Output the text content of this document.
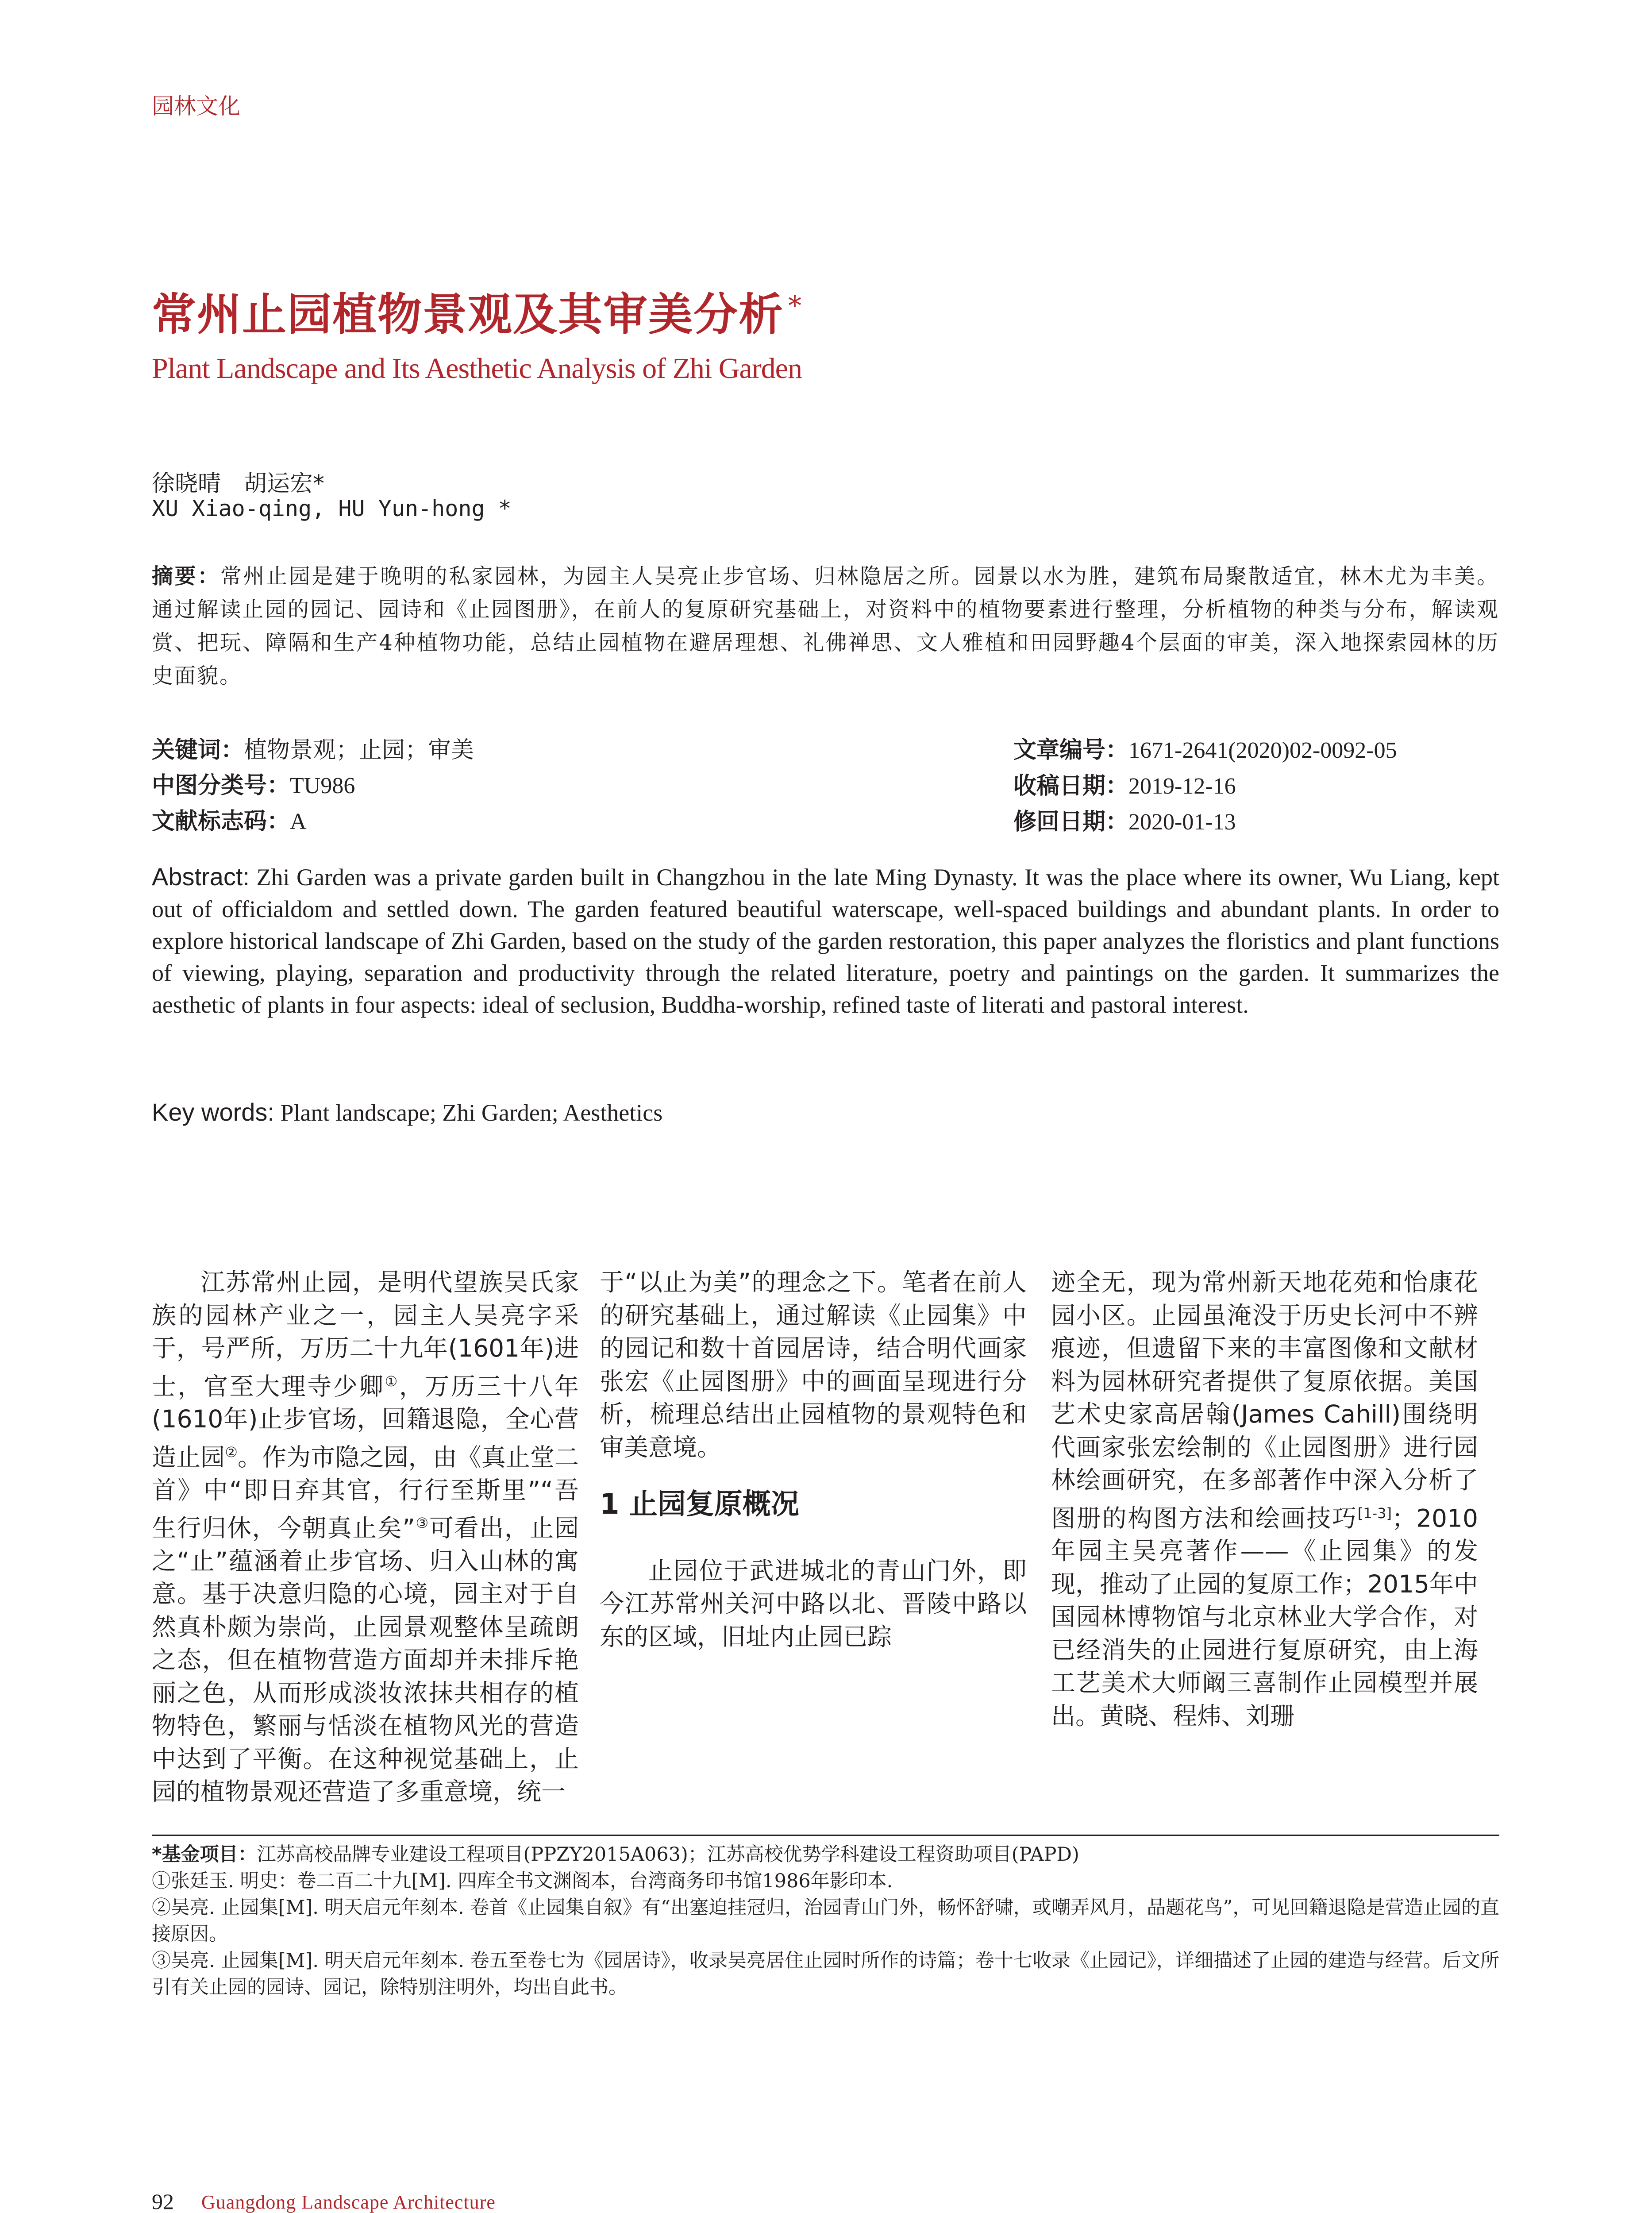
园林文化
常州止园植物景观及其审美分析 *
Plant Landscape and Its Aesthetic Analysis of Zhi Garden
徐晓晴　胡运宏*
XU Xiao-qing, HU Yun-hong *
摘要：常州止园是建于晚明的私家园林，为园主人吴亮止步官场、归林隐居之所。园景以水为胜，建筑布局聚散适宜，林木尤为丰美。通过解读止园的园记、园诗和《止园图册》，在前人的复原研究基础上，对资料中的植物要素进行整理，分析植物的种类与分布，解读观赏、把玩、障隔和生产4种植物功能，总结止园植物在避居理想、礼佛禅思、文人雅植和田园野趣4个层面的审美，深入地探索园林的历史面貌。
关键词：植物景观；止园；审美
中图分类号：TU986
文献标志码：A
文章编号：1671-2641(2020)02-0092-05
收稿日期：2019-12-16
修回日期：2020-01-13
Abstract: Zhi Garden was a private garden built in Changzhou in the late Ming Dynasty. It was the place where its owner, Wu Liang, kept out of officialdom and settled down. The garden featured beautiful waterscape, well-spaced buildings and abundant plants. In order to explore historical landscape of Zhi Garden, based on the study of the garden restoration, this paper analyzes the floristics and plant functions of viewing, playing, separation and productivity through the related literature, poetry and paintings on the garden. It summarizes the aesthetic of plants in four aspects: ideal of seclusion, Buddha-worship, refined taste of literati and pastoral interest.
Key words: Plant landscape; Zhi Garden; Aesthetics

江苏常州止园，是明代望族吴氏家族的园林产业之一，园主人吴亮字采于，号严所，万历二十九年(1601年)进士，官至大理寺少卿①，万历三十八年(1610年)止步官场，回籍退隐，全心营造止园②。作为市隐之园，由《真止堂二首》中“即日弃其官，行行至斯里”“吾生行归休，今朝真止矣”③可看出，止园之“止”蕴涵着止步官场、归入山林的寓意。基于决意归隐的心境，园主对于自然真朴颇为崇尚，止园景观整体呈疏朗之态，但在植物营造方面却并未排斥艳丽之色，从而形成淡妆浓抹共相存的植物特色，繁丽与恬淡在植物风光的营造中达到了平衡。在这种视觉基础上，止园的植物景观还营造了多重意境，统一

于“以止为美”的理念之下。笔者在前人的研究基础上，通过解读《止园集》中的园记和数十首园居诗，结合明代画家张宏《止园图册》中的画面呈现进行分析，梳理总结出止园植物的景观特色和审美意境。

1 止园复原概况

止园位于武进城北的青山门外，即今江苏常州关河中路以北、晋陵中路以东的区域，旧址内止园已踪

迹全无，现为常州新天地花苑和怡康花园小区。止园虽淹没于历史长河中不辨痕迹，但遗留下来的丰富图像和文献材料为园林研究者提供了复原依据。美国艺术史家高居翰(James Cahill)围绕明代画家张宏绘制的《止园图册》进行园林绘画研究，在多部著作中深入分析了图册的构图方法和绘画技巧[1-3]；2010年园主吴亮著作——《止园集》的发现，推动了止园的复原工作；2015年中国园林博物馆与北京林业大学合作，对已经消失的止园进行复原研究，由上海工艺美术大师阚三喜制作止园模型并展出。黄晓、程炜、刘珊

*基金项目：江苏高校品牌专业建设工程项目(PPZY2015A063)；江苏高校优势学科建设工程资助项目(PAPD)

①张廷玉. 明史：卷二百二十九[M]. 四库全书文渊阁本，台湾商务印书馆1986年影印本.

②吴亮. 止园集[M]. 明天启元年刻本. 卷首《止园集自叙》有“出塞迫挂冠归，治园青山门外，畅怀舒啸，或嘲弄风月，品题花鸟”，可见回籍退隐是营造止园的直接原因。

③吴亮. 止园集[M]. 明天启元年刻本. 卷五至卷七为《园居诗》，收录吴亮居住止园时所作的诗篇；卷十七收录《止园记》，详细描述了止园的建造与经营。后文所引有关止园的园诗、园记，除特别注明外，均出自此书。

92 Guangdong Landscape Architecture
